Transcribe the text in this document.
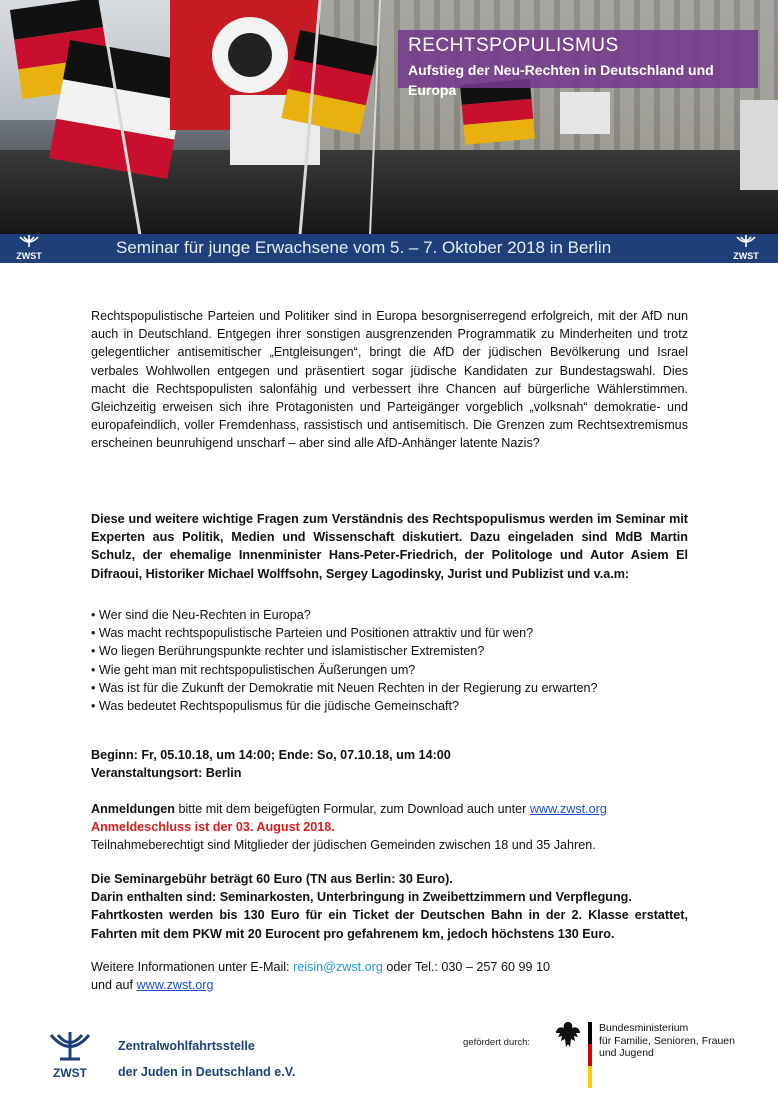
RECHTSPOPULISMUS
Aufstieg der Neu-Rechten in Deutschland und Europa
Seminar für junge Erwachsene vom 5. – 7. Oktober 2018 in Berlin
ZWST	ZWST
Rechtspopulistische Parteien und Politiker sind in Europa besorgniserregend erfolgreich, mit der AfD nun auch in Deutschland. Entgegen ihrer sonstigen ausgrenzenden Programmatik zu Minderheiten und trotz gelegentlicher antisemitischer „Entgleisungen“, bringt die AfD der jüdischen Bevölkerung und Israel verbales Wohlwollen entgegen und präsentiert sogar jüdische Kandidaten zur Bundestagswahl. Dies macht die Rechtspopulisten salonfähig und verbessert ihre Chancen auf bürgerliche Wählerstimmen. Gleichzeitig erweisen sich ihre Protagonisten und Parteigänger vorgeblich „volksnah“ demokratie- und europafeindlich, voller Fremdenhass, rassistisch und antisemitisch. Die Grenzen zum Rechtsextremismus erscheinen beunruhigend unscharf – aber sind alle AfD-Anhänger latente Nazis?
Diese und weitere wichtige Fragen zum Verständnis des Rechtspopulismus werden im Seminar mit Experten aus Politik, Medien und Wissenschaft diskutiert. Dazu eingeladen sind MdB Martin Schulz, der ehemalige Innenminister Hans-Peter-Friedrich, der Politologe und Autor Asiem El Difraoui, Historiker Michael Wolffsohn, Sergey Lagodinsky, Jurist und Publizist und v.a.m:
• Wer sind die Neu-Rechten in Europa?
• Was macht rechtspopulistische Parteien und Positionen attraktiv und für wen?
• Wo liegen Berührungspunkte rechter und islamistischer Extremisten?
• Wie geht man mit rechtspopulistischen Äußerungen um?
• Was ist für die Zukunft der Demokratie mit Neuen Rechten in der Regierung zu erwarten?
• Was bedeutet Rechtspopulismus für die jüdische Gemeinschaft?
Beginn: Fr, 05.10.18, um 14:00; Ende: So, 07.10.18, um 14:00
Veranstaltungsort: Berlin
Anmeldungen bitte mit dem beigefügten Formular, zum Download auch unter www.zwst.org
Anmeldeschluss ist der 03. August 2018.
Teilnahmeberechtigt sind Mitglieder der jüdischen Gemeinden zwischen 18 und 35 Jahren.
Die Seminargebühr beträgt 60 Euro (TN aus Berlin: 30 Euro).
Darin enthalten sind: Seminarkosten, Unterbringung in Zweibettzimmern und Verpflegung.
Fahrtkosten werden bis 130 Euro für ein Ticket der Deutschen Bahn in der 2. Klasse erstattet, Fahrten mit dem PKW mit 20 Eurocent pro gefahrenem km, jedoch höchstens 130 Euro.
Weitere Informationen unter E-Mail: reisin@zwst.org oder Tel.: 030 – 257 60 99 10
und auf www.zwst.org
ZWST
Zentralwohlfahrtsstelle
der Juden in Deutschland e.V.
gefördert durch:
Bundesministerium
für Familie, Senioren, Frauen
und Jugend
